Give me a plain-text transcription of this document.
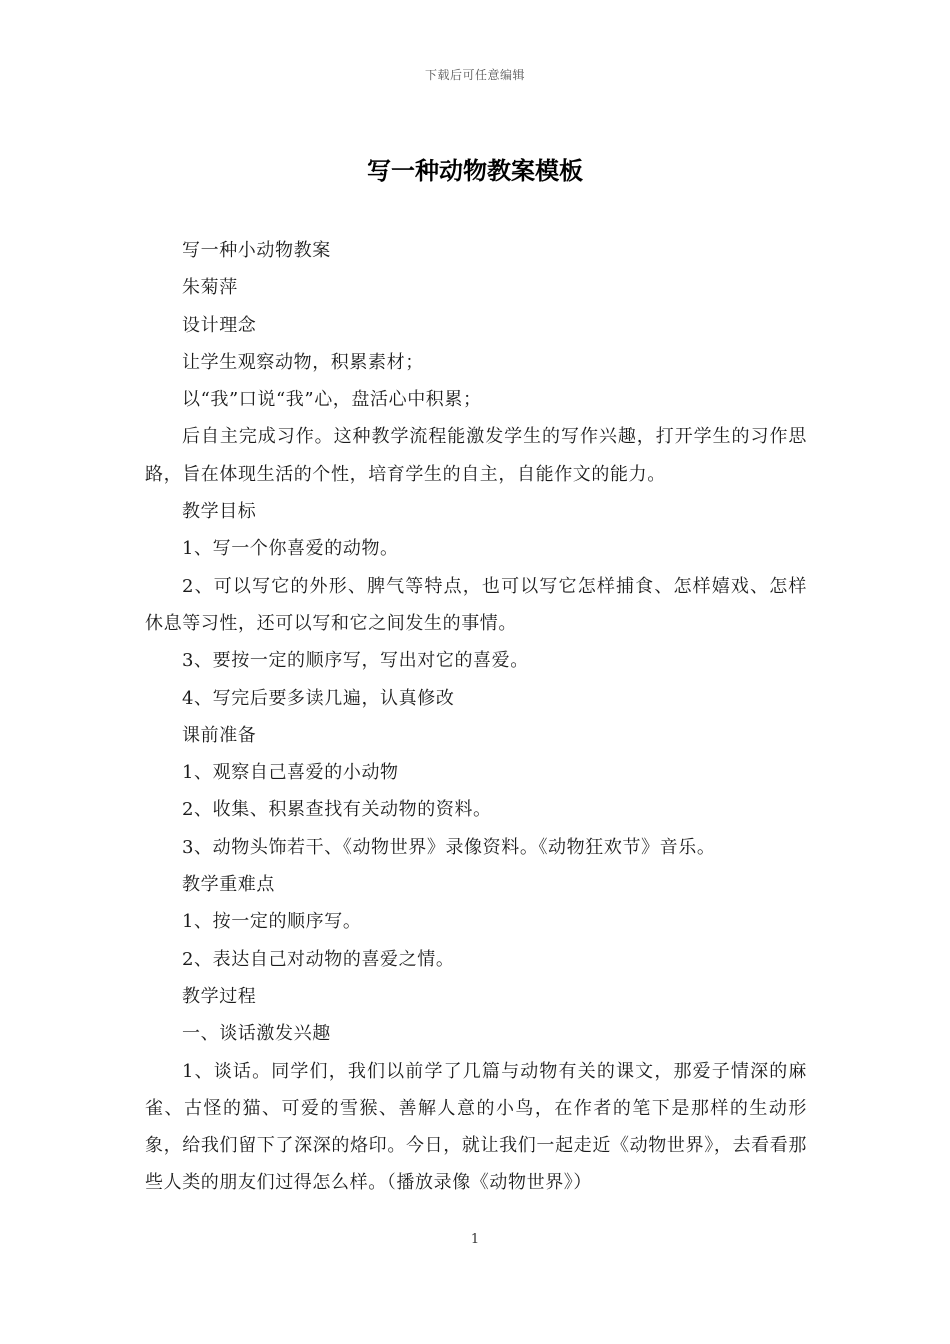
下载后可任意编辑
写一种动物教案模板

写一种小动物教案

朱菊萍

设计理念

让学生观察动物，积累素材；

以“我”口说“我”心，盘活心中积累；

后自主完成习作。这种教学流程能激发学生的写作兴趣，打开学生的习作思路，旨在体现生活的个性，培育学生的自主，自能作文的能力。

教学目标

1、写一个你喜爱的动物。

2、可以写它的外形、脾气等特点，也可以写它怎样捕食、怎样嬉戏、怎样休息等习性，还可以写和它之间发生的事情。

3、要按一定的顺序写，写出对它的喜爱。

4、写完后要多读几遍，认真修改

课前准备

1、观察自己喜爱的小动物

2、收集、积累查找有关动物的资料。

3、动物头饰若干、《动物世界》录像资料。《动物狂欢节》音乐。

教学重难点

1、按一定的顺序写。

2、表达自己对动物的喜爱之情。

教学过程

一、谈话激发兴趣

1、谈话。同学们，我们以前学了几篇与动物有关的课文，那爱子情深的麻雀、古怪的猫、可爱的雪猴、善解人意的小鸟，在作者的笔下是那样的生动形象，给我们留下了深深的烙印。今日，就让我们一起走近《动物世界》，去看看那些人类的朋友们过得怎么样。（播放录像《动物世界》）

1
